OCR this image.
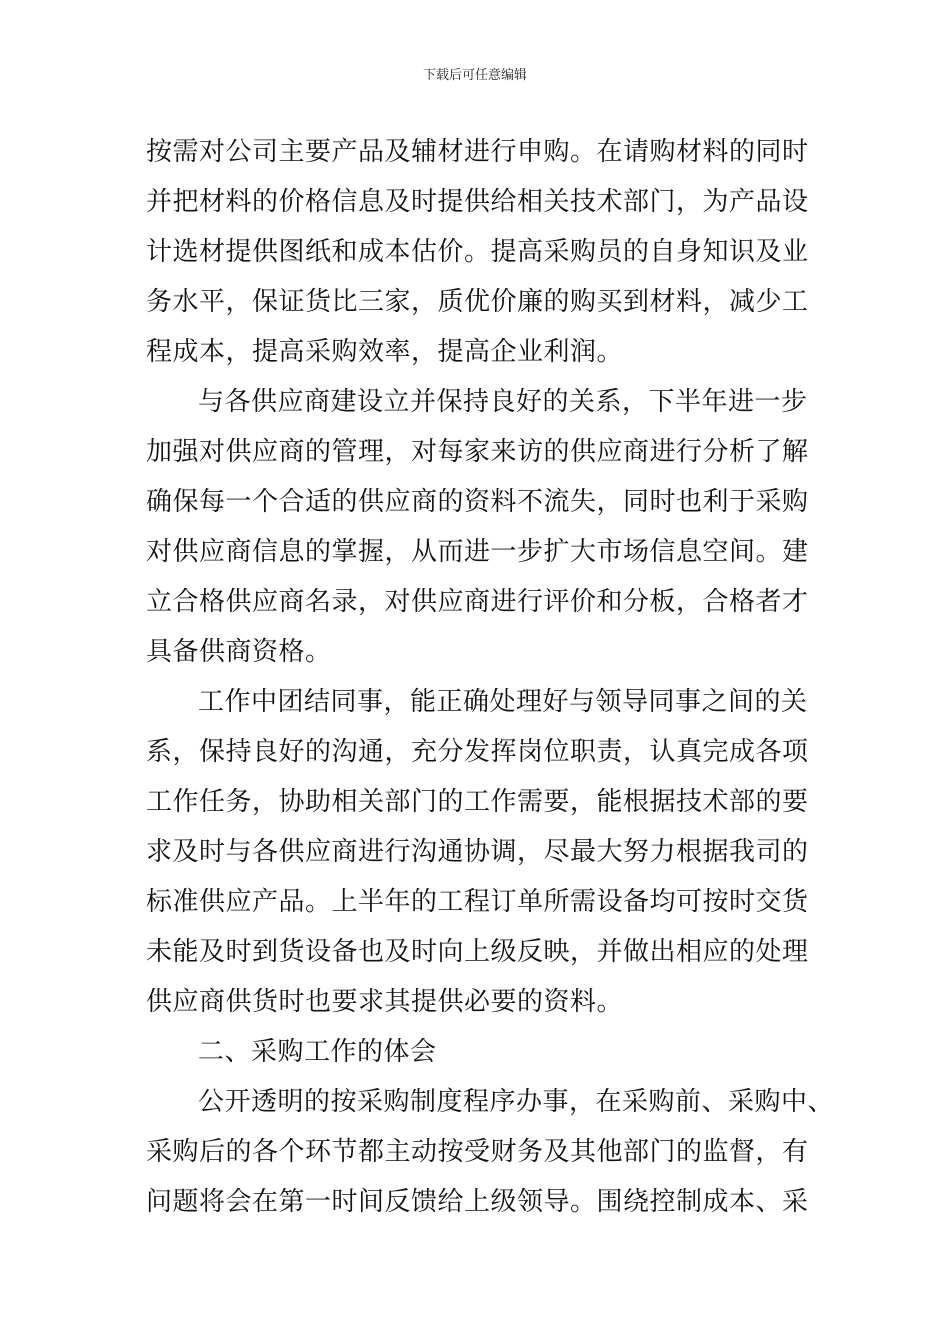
下载后可任意编辑
按需对公司主要产品及辅材进行申购。在请购材料的同时
并把材料的价格信息及时提供给相关技术部门，为产品设
计选材提供图纸和成本估价。提高采购员的自身知识及业
务水平，保证货比三家，质优价廉的购买到材料，减少工
程成本，提高采购效率，提高企业利润。
与各供应商建设立并保持良好的关系，下半年进一步
加强对供应商的管理，对每家来访的供应商进行分析了解
确保每一个合适的供应商的资料不流失，同时也利于采购
对供应商信息的掌握，从而进一步扩大市场信息空间。建
立合格供应商名录，对供应商进行评价和分板，合格者才
具备供商资格。
工作中团结同事，能正确处理好与领导同事之间的关
系，保持良好的沟通，充分发挥岗位职责，认真完成各项
工作任务，协助相关部门的工作需要，能根据技术部的要
求及时与各供应商进行沟通协调，尽最大努力根据我司的
标准供应产品。上半年的工程订单所需设备均可按时交货
未能及时到货设备也及时向上级反映，并做出相应的处理
供应商供货时也要求其提供必要的资料。
二、采购工作的体会
公开透明的按采购制度程序办事，在采购前、采购中、
采购后的各个环节都主动按受财务及其他部门的监督，有
问题将会在第一时间反馈给上级领导。围绕控制成本、采
